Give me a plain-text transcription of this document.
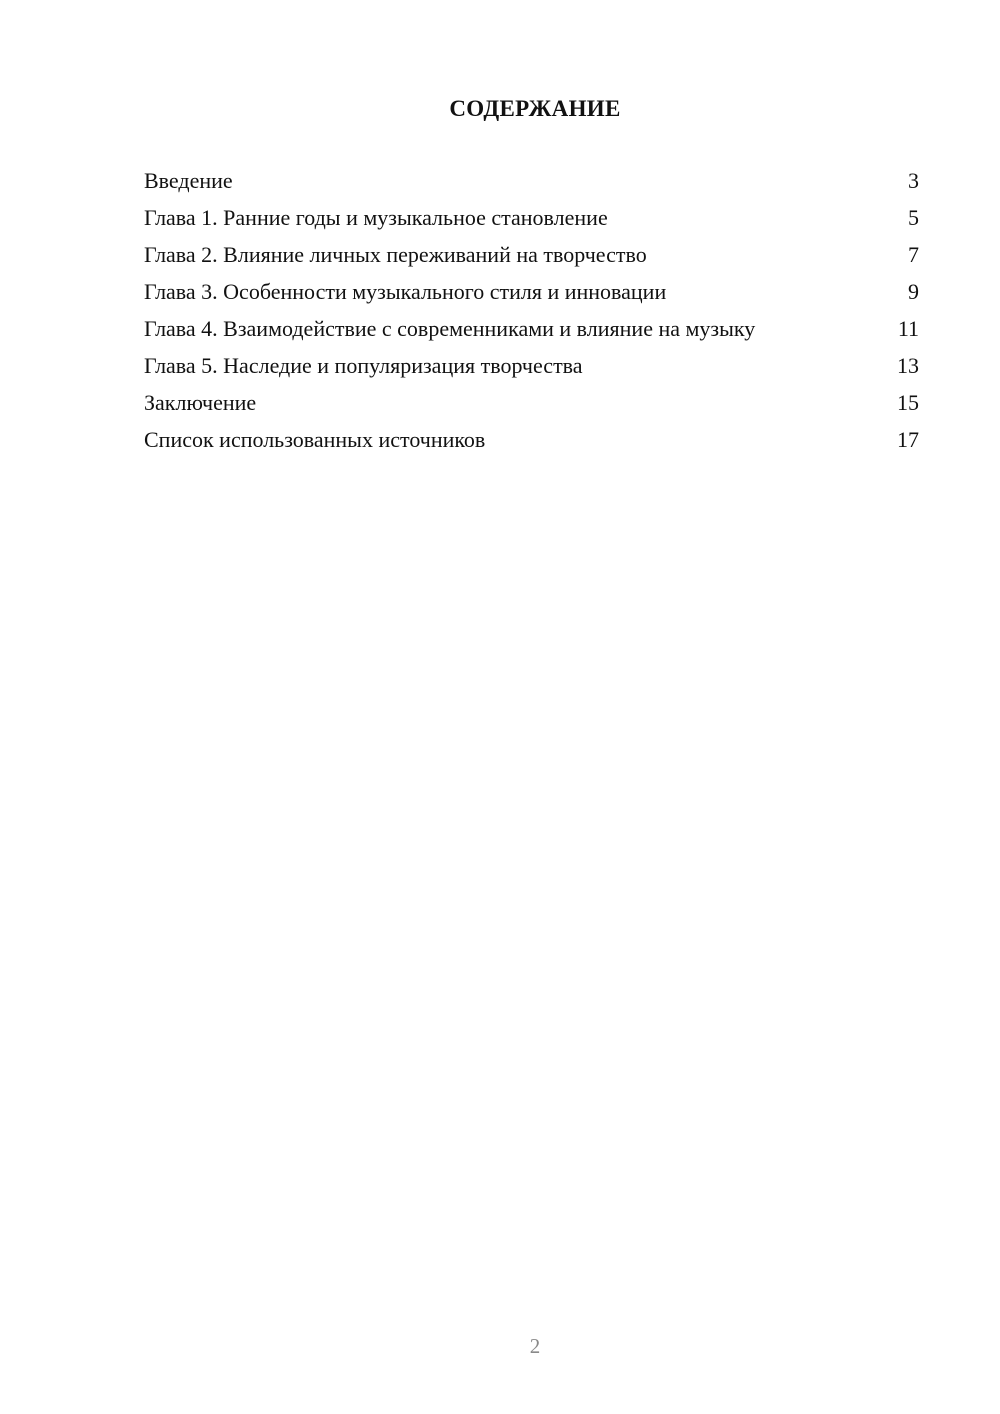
СОДЕРЖАНИЕ
Введение	3
Глава 1. Ранние годы и музыкальное становление	5
Глава 2. Влияние личных переживаний на творчество	7
Глава 3. Особенности музыкального стиля и инновации	9
Глава 4. Взаимодействие с современниками и влияние на музыку	11
Глава 5. Наследие и популяризация творчества	13
Заключение	15
Список использованных источников	17
2
